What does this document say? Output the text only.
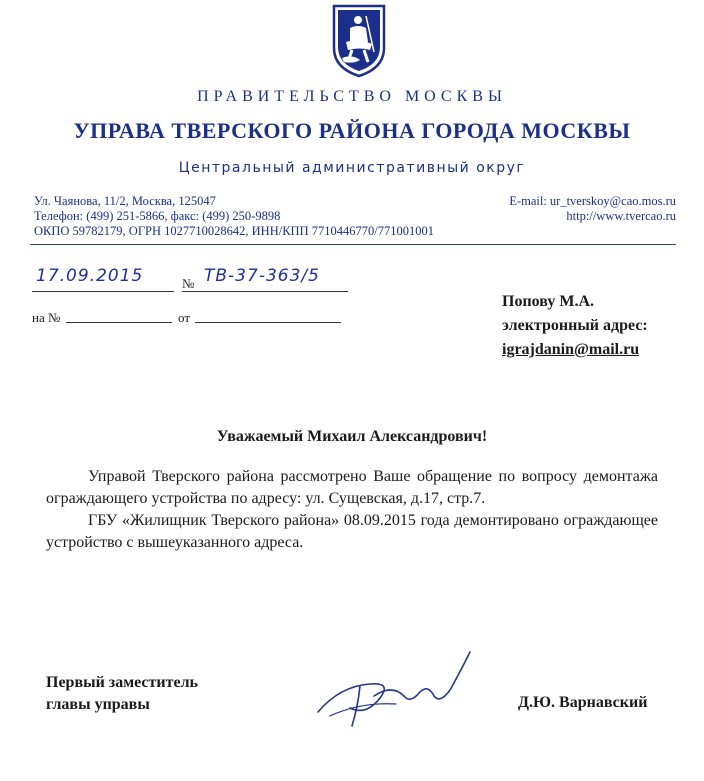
ПРАВИТЕЛЬСТВО МОСКВЫ
УПРАВА ТВЕРСКОГО РАЙОНА ГОРОДА МОСКВЫ
Центральный административный округ
Ул. Чаянова, 11/2, Москва, 125047
Телефон: (499) 251-5866, факс: (499) 250-9898
ОКПО 59782179, ОГРН 1027710028642, ИНН/КПП 7710446770/771001001
E-mail: ur_tverskoy@cao.mos.ru
http://www.tvercao.ru
17.09.2015	№ ТВ-37-363/5
на №	от
Попову М.А.
электронный адрес:
igrajdanin@mail.ru
Уважаемый Михаил Александрович!

Управой Тверского района рассмотрено Ваше обращение по вопросу демонтажа ограждающего устройства по адресу: ул. Сущевская, д.17, стр.7.

ГБУ «Жилищник Тверского района» 08.09.2015 года демонтировано ограждающее устройство с вышеуказанного адреса.

Первый заместитель
главы управы	Д.Ю. Варнавский
